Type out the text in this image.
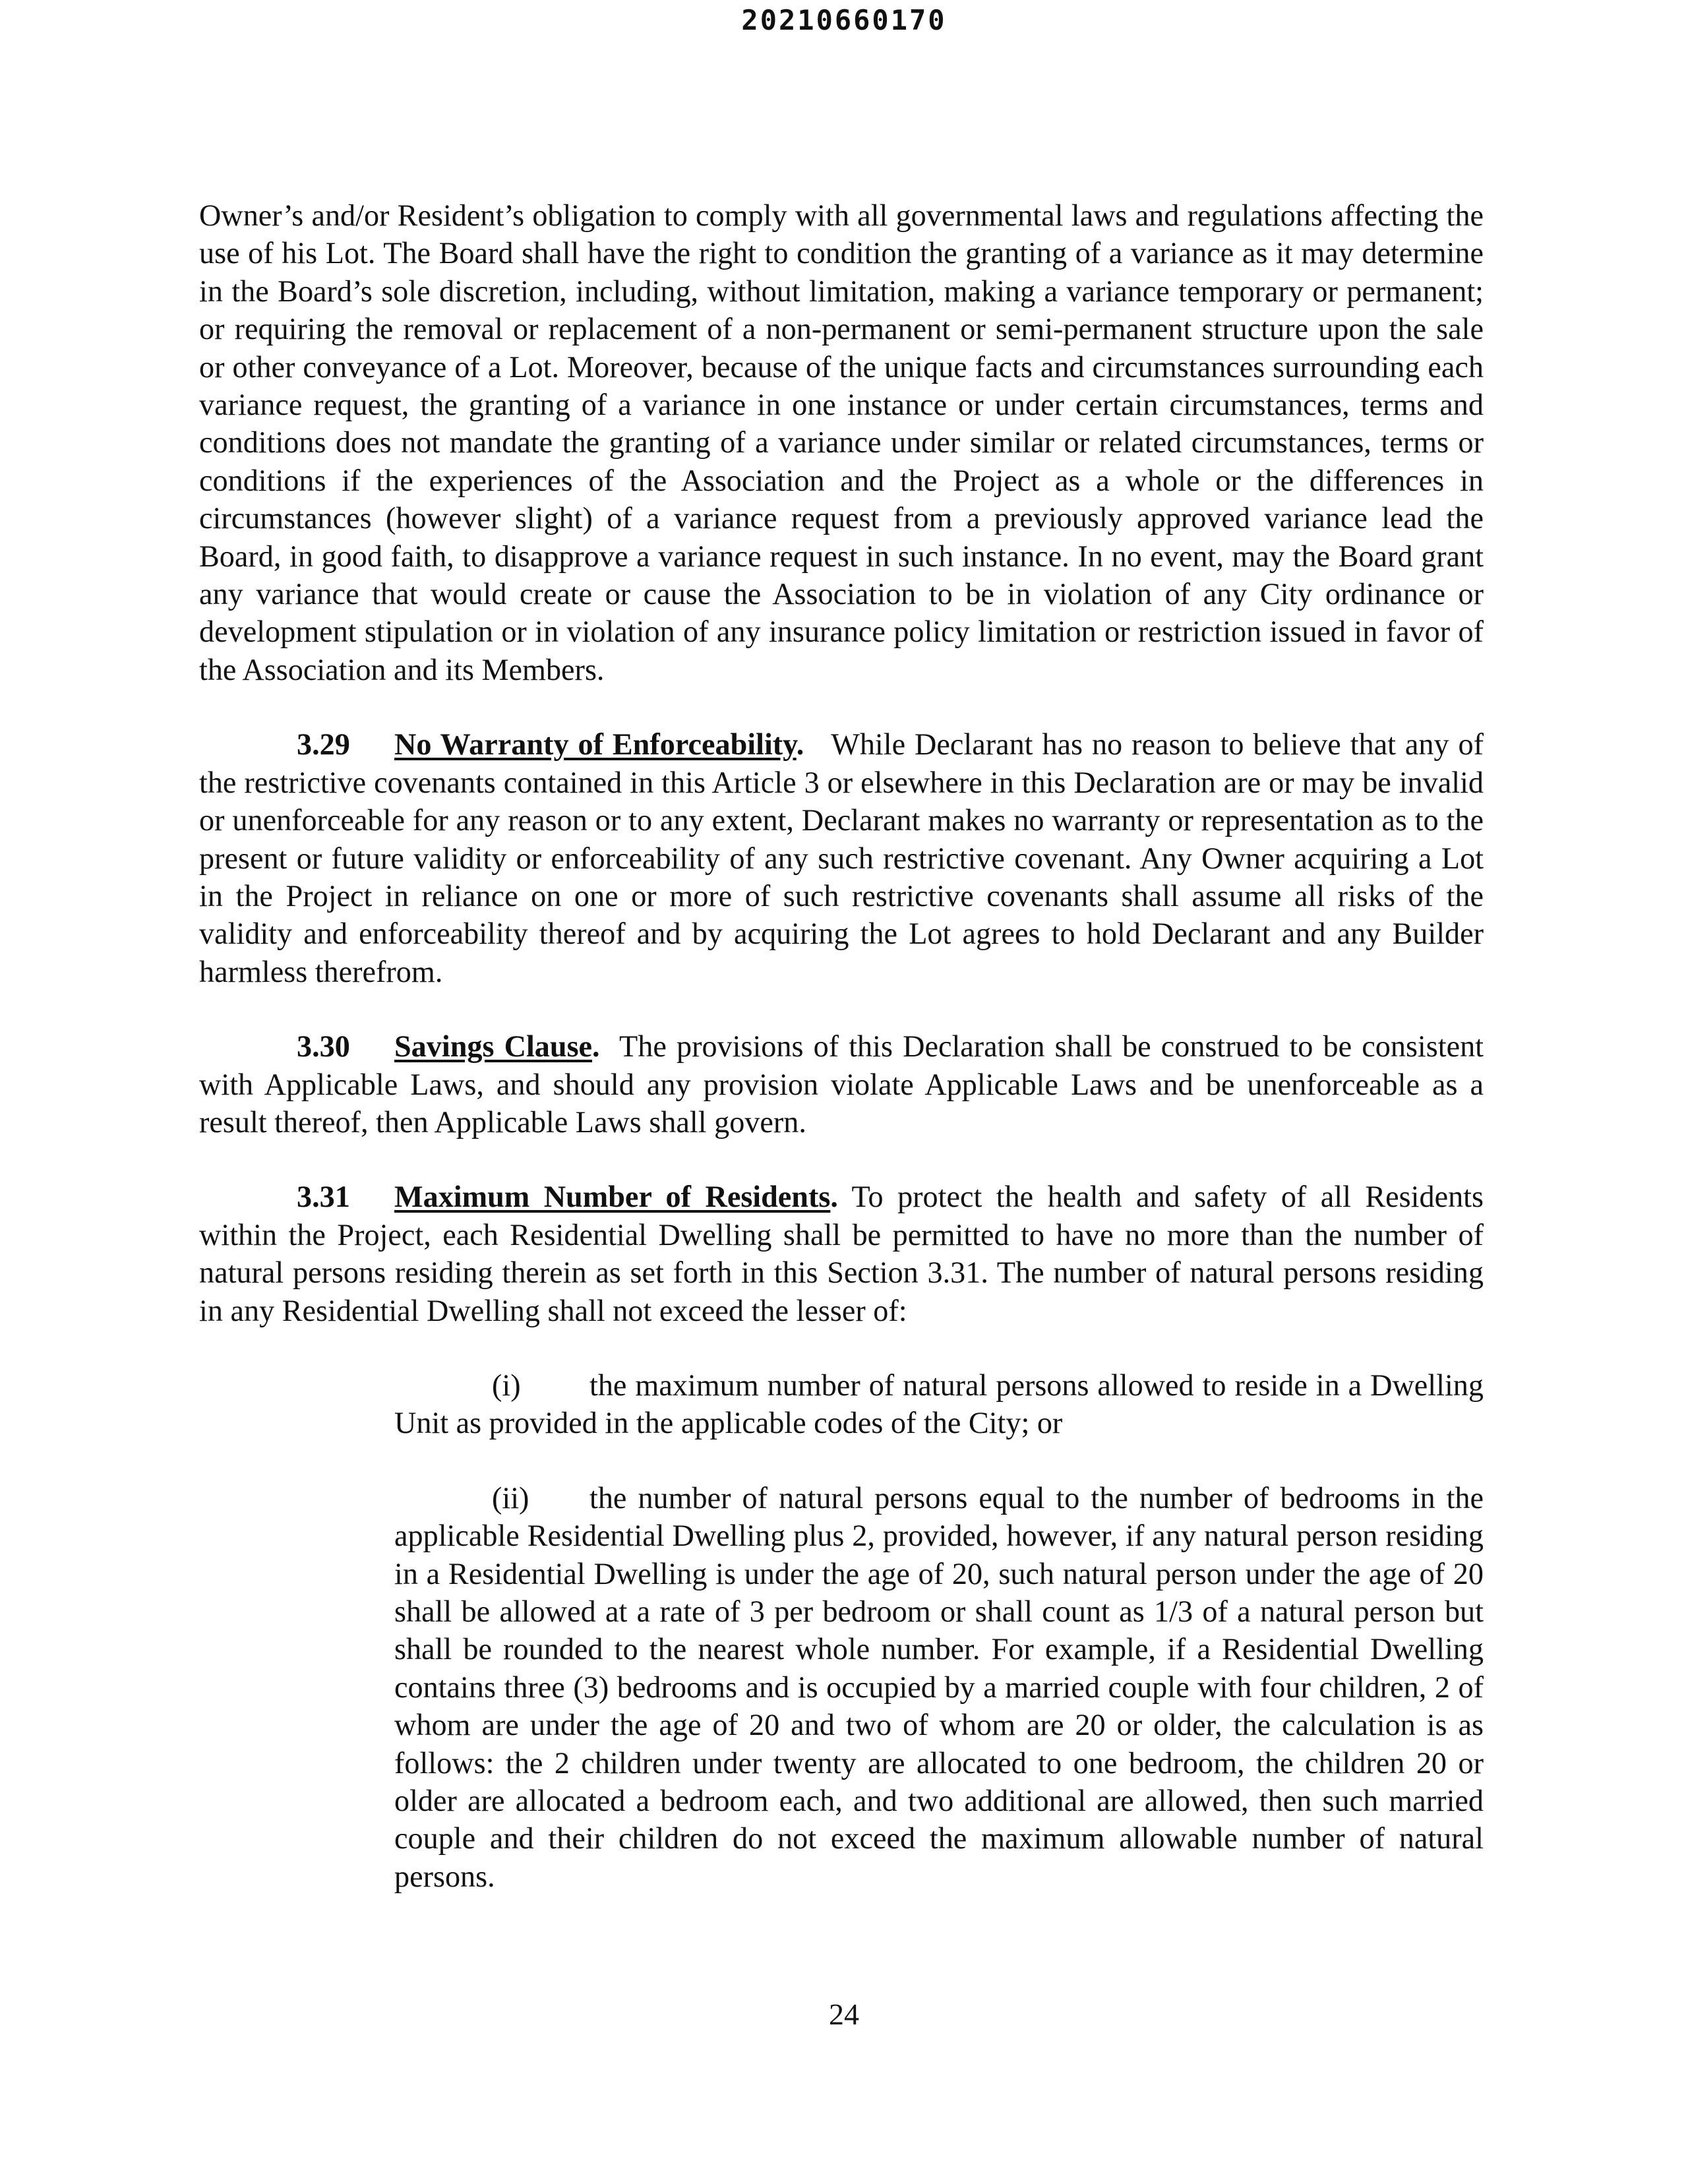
20210660170

Owner’s and/or Resident’s obligation to comply with all governmental laws and regulations affecting the use of his Lot. The Board shall have the right to condition the granting of a variance as it may determine in the Board’s sole discretion, including, without limitation, making a variance temporary or permanent; or requiring the removal or replacement of a non-permanent or semi-permanent structure upon the sale or other conveyance of a Lot. Moreover, because of the unique facts and circumstances surrounding each variance request, the granting of a variance in one instance or under certain circumstances, terms and conditions does not mandate the granting of a variance under similar or related circumstances, terms or conditions if the experiences of the Association and the Project as a whole or the differences in circumstances (however slight) of a variance request from a previously approved variance lead the Board, in good faith, to disapprove a variance request in such instance. In no event, may the Board grant any variance that would create or cause the Association to be in violation of any City ordinance or development stipulation or in violation of any insurance policy limitation or restriction issued in favor of the Association and its Members.

3.29 No Warranty of Enforceability. While Declarant has no reason to believe that any of the restrictive covenants contained in this Article 3 or elsewhere in this Declaration are or may be invalid or unenforceable for any reason or to any extent, Declarant makes no warranty or representation as to the present or future validity or enforceability of any such restrictive covenant. Any Owner acquiring a Lot in the Project in reliance on one or more of such restrictive covenants shall assume all risks of the validity and enforceability thereof and by acquiring the Lot agrees to hold Declarant and any Builder harmless therefrom.

3.30 Savings Clause. The provisions of this Declaration shall be construed to be consistent with Applicable Laws, and should any provision violate Applicable Laws and be unenforceable as a result thereof, then Applicable Laws shall govern.

3.31 Maximum Number of Residents. To protect the health and safety of all Residents within the Project, each Residential Dwelling shall be permitted to have no more than the number of natural persons residing therein as set forth in this Section 3.31. The number of natural persons residing in any Residential Dwelling shall not exceed the lesser of:

(i) the maximum number of natural persons allowed to reside in a Dwelling Unit as provided in the applicable codes of the City; or

(ii) the number of natural persons equal to the number of bedrooms in the applicable Residential Dwelling plus 2, provided, however, if any natural person residing in a Residential Dwelling is under the age of 20, such natural person under the age of 20 shall be allowed at a rate of 3 per bedroom or shall count as 1/3 of a natural person but shall be rounded to the nearest whole number. For example, if a Residential Dwelling contains three (3) bedrooms and is occupied by a married couple with four children, 2 of whom are under the age of 20 and two of whom are 20 or older, the calculation is as follows: the 2 children under twenty are allocated to one bedroom, the children 20 or older are allocated a bedroom each, and two additional are allowed, then such married couple and their children do not exceed the maximum allowable number of natural persons.

24
